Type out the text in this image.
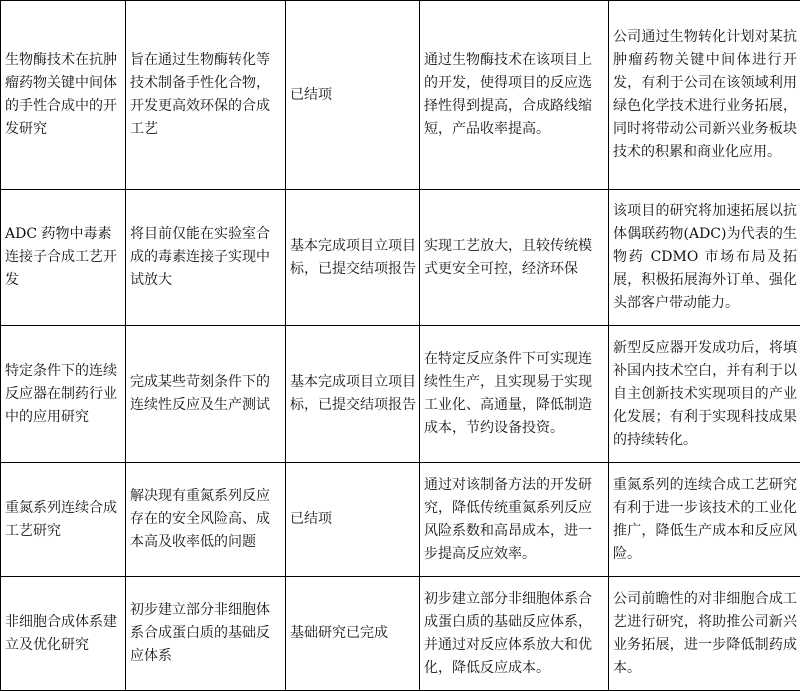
生物酶技术在抗肿瘤药物关键中间体的手性合成中的开发研究	旨在通过生物酶转化等技术制备手性化合物，开发更高效环保的合成工艺	已结项	通过生物酶技术在该项目上的开发，使得项目的反应选择性得到提高，合成路线缩短，产品收率提高。	公司通过生物转化计划对某抗肿瘤药物关键中间体进行开发，有利于公司在该领域利用绿色化学技术进行业务拓展，同时将带动公司新兴业务板块技术的积累和商业化应用。
ADC 药物中毒素连接子合成工艺开发	将目前仅能在实验室合成的毒素连接子实现中试放大	基本完成项目立项目标，已提交结项报告	实现工艺放大，且较传统模式更安全可控，经济环保	该项目的研究将加速拓展以抗体偶联药物(ADC)为代表的生物药 CDMO 市场布局及拓展，积极拓展海外订单、强化头部客户带动能力。
特定条件下的连续反应器在制药行业中的应用研究	完成某些苛刻条件下的连续性反应及生产测试	基本完成项目立项目标，已提交结项报告	在特定反应条件下可实现连续性生产，且实现易于实现工业化、高通量，降低制造成本，节约设备投资。	新型反应器开发成功后，将填补国内技术空白，并有利于以自主创新技术实现项目的产业化发展；有利于实现科技成果的持续转化。
重氮系列连续合成工艺研究	解决现有重氮系列反应存在的安全风险高、成本高及收率低的问题	已结项	通过对该制备方法的开发研究，降低传统重氮系列反应风险系数和高昂成本，进一步提高反应效率。	重氮系列的连续合成工艺研究有利于进一步该技术的工业化推广，降低生产成本和反应风险。
非细胞合成体系建立及优化研究	初步建立部分非细胞体系合成蛋白质的基础反应体系	基础研究已完成	初步建立部分非细胞体系合成蛋白质的基础反应体系，并通过对反应体系放大和优化，降低反应成本。	公司前瞻性的对非细胞合成工艺进行研究，将助推公司新兴业务拓展，进一步降低制药成本。
